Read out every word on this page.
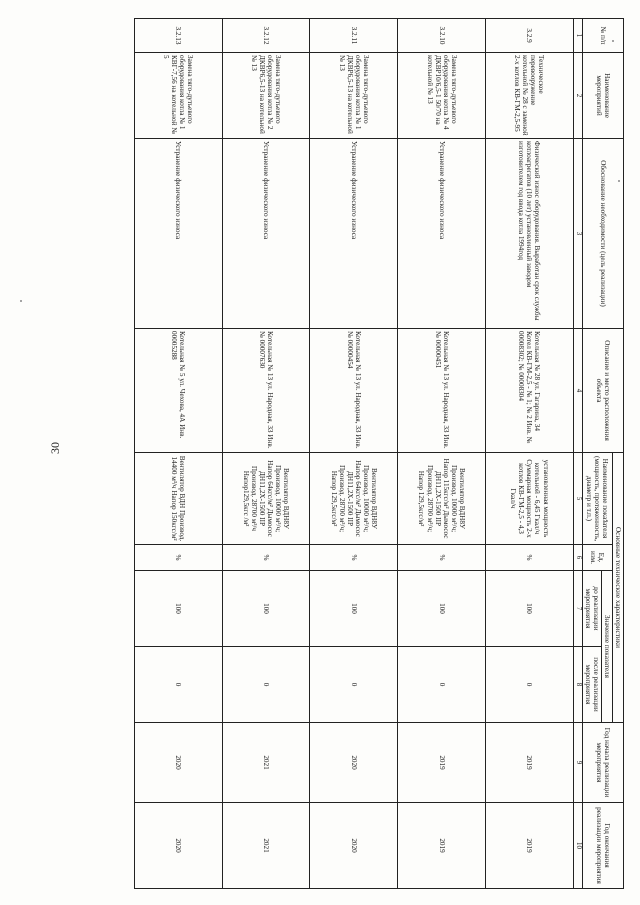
30
№ п/п	Наименование мероприятий	Обоснование необходимости (цель реализации)	Описание и место расположения объекта	Основные технические характеристики				Год начала реализации мероприятия	Год окончания реализации мероприятия
				Наименование показателя (мощность, протяженность, диаметр и т.п.)	Ед. изм.	Значение показателя			
						до реализации мероприятия	после реализации мероприятия		
1	2	3	4	5	6	7	8	9	10
3.2.9	Техническое перевооружение котельной № 28 с заменой 2-х котлов КВ-ГМ-2,5-95	Физический износ оборудования. Выработан срок службы котлоагрегатов (10 лет) установленный заводом изготовителем год ввода котла 1994год	Котельная № 28 ул. Гагарина, 34 Котел КВ-ГМ-2,5 - № 1; № 2 Инв. № 00008302; № 00008304	установленная мощность котельной - 6,45 Гкал/ч Суммарная мощность 2-х котлов КВ-ГМ-2,5 - 4,3 Гкал/ч	%	100	0	2019	2019
3.2.10	Замена тяго-дутьевого оборудования котла № 4 ДКВР10/6,5-1 50/70 на котельной № 13	Устранение физического износа	Котельная № 13 ул. Народная, 33 Инв. № 00000451	Вентилятор ВДН8У Производ. 10000 м³/ч; Напор 115кгс/м² Дымосос ДН11,2Х-1500 IIР Производ. 28700 м³/ч; Напор 129,5кгс/м²	%	100	0	2019	2019
3.2.11	Замена тяго-дутьевого оборудования котла № 1 ДКВР6,5-13 на котельной № 13	Устранение физического износа	Котельная № 13 ул. Народная, 33 Инв. № 00000454	Вентилятор ВДН8У Производ. 10000 м³/ч; Напор 64кгс/м² Дымосос ДН11,2Х-1500 IIР Производ. 28700 м³/ч; Напор 129,5кгс/м²	%	100	0	2020	2020
3.2.12	Замена тяго-дутьевого оборудования котла № 2 ДКВР6,5-13 на котельной № 13	Устранение физического износа	Котельная № 13 ул. Народная, 33 Инв. № 00007630	Вентилятор ВДН8У Производ. 10000 м³/ч; Напор 64кгс/м² Дымосос ДН11,2Х-1500 IIР Производ. 28700 м³/ч Напор129,5кгс /м²	%	100	0	2021	2021
3.2.13	Замена тяго-дутьевого оборудования котла № 1 КВГ-7,56 на котельной № 5	Устранение физического износа	Котельная № 5 ул. Чехова, 4А Инв. 00005288	Вентилятор ВДН Производ. 14400 м³/ч Напор 150кгс/м²	%	100	0	2020	2020
